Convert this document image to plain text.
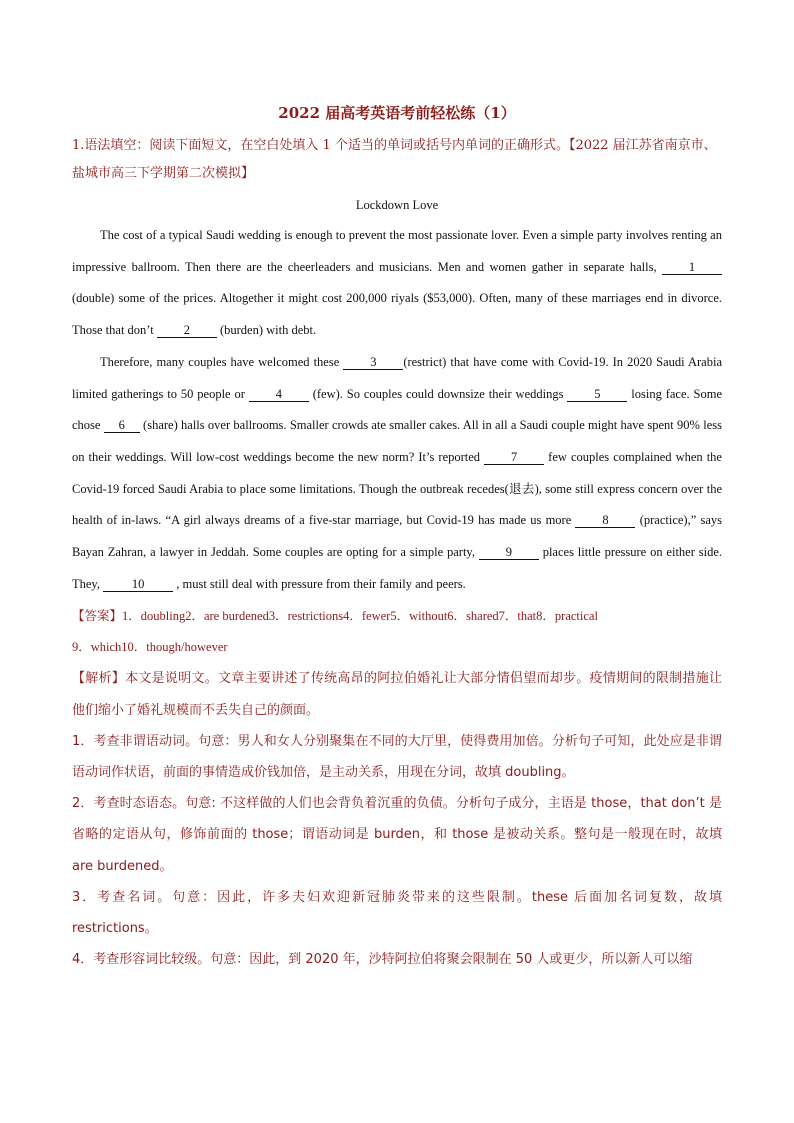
2022 届高考英语考前轻松练（1）
1.语法填空：阅读下面短文，在空白处填入 1 个适当的单词或括号内单词的正确形式。【2022 届江苏省南京市、盐城市高三下学期第二次模拟】
Lockdown Love

The cost of a typical Saudi wedding is enough to prevent the most passionate lover. Even a simple party involves renting an impressive ballroom. Then there are the cheerleaders and musicians. Men and women gather in separate halls, 1 (double) some of the prices. Altogether it might cost 200,000 riyals ($53,000). Often, many of these marriages end in divorce. Those that don’t 2 (burden) with debt.

Therefore, many couples have welcomed these 3 (restrict) that have come with Covid-19. In 2020 Saudi Arabia limited gatherings to 50 people or 4 (few). So couples could downsize their weddings 5 losing face. Some chose 6 (share) halls over ballrooms. Smaller crowds ate smaller cakes. All in all a Saudi couple might have spent 90% less on their weddings. Will low-cost weddings become the new norm? It’s reported 7 few couples complained when the Covid-19 forced Saudi Arabia to place some limitations. Though the outbreak recedes(退去), some still express concern over the health of in-laws. “A girl always dreams of a five-star marriage, but Covid-19 has made us more 8 (practice),” says Bayan Zahran, a lawyer in Jeddah. Some couples are opting for a simple party, 9 places little pressure on either side. They, 10 , must still deal with pressure from their family and peers.

【答案】1．doubling2．are burdened3．restrictions4．fewer5．without6．shared7．that8．practical
9．which10．though/however

【解析】本文是说明文。文章主要讲述了传统高昂的阿拉伯婚礼让大部分情侣望而却步。疫情期间的限制措施让他们缩小了婚礼规模而不丢失自己的颜面。

1．考查非谓语动词。句意：男人和女人分别聚集在不同的大厅里，使得费用加倍。分析句子可知，此处应是非谓语动词作状语，前面的事情造成价钱加倍，是主动关系，用现在分词，故填 doubling。

2．考查时态语态。句意: 不这样做的人们也会背负着沉重的负债。分析句子成分，主语是 those，that don’t 是省略的定语从句，修饰前面的 those；谓语动词是 burden，和 those 是被动关系。整句是一般现在时，故填 are burdened。

3．考查名词。句意：因此，许多夫妇欢迎新冠肺炎带来的这些限制。these 后面加名词复数，故填 restrictions。

4．考查形容词比较级。句意：因此，到 2020 年，沙特阿拉伯将聚会限制在 50 人或更少，所以新人可以缩
